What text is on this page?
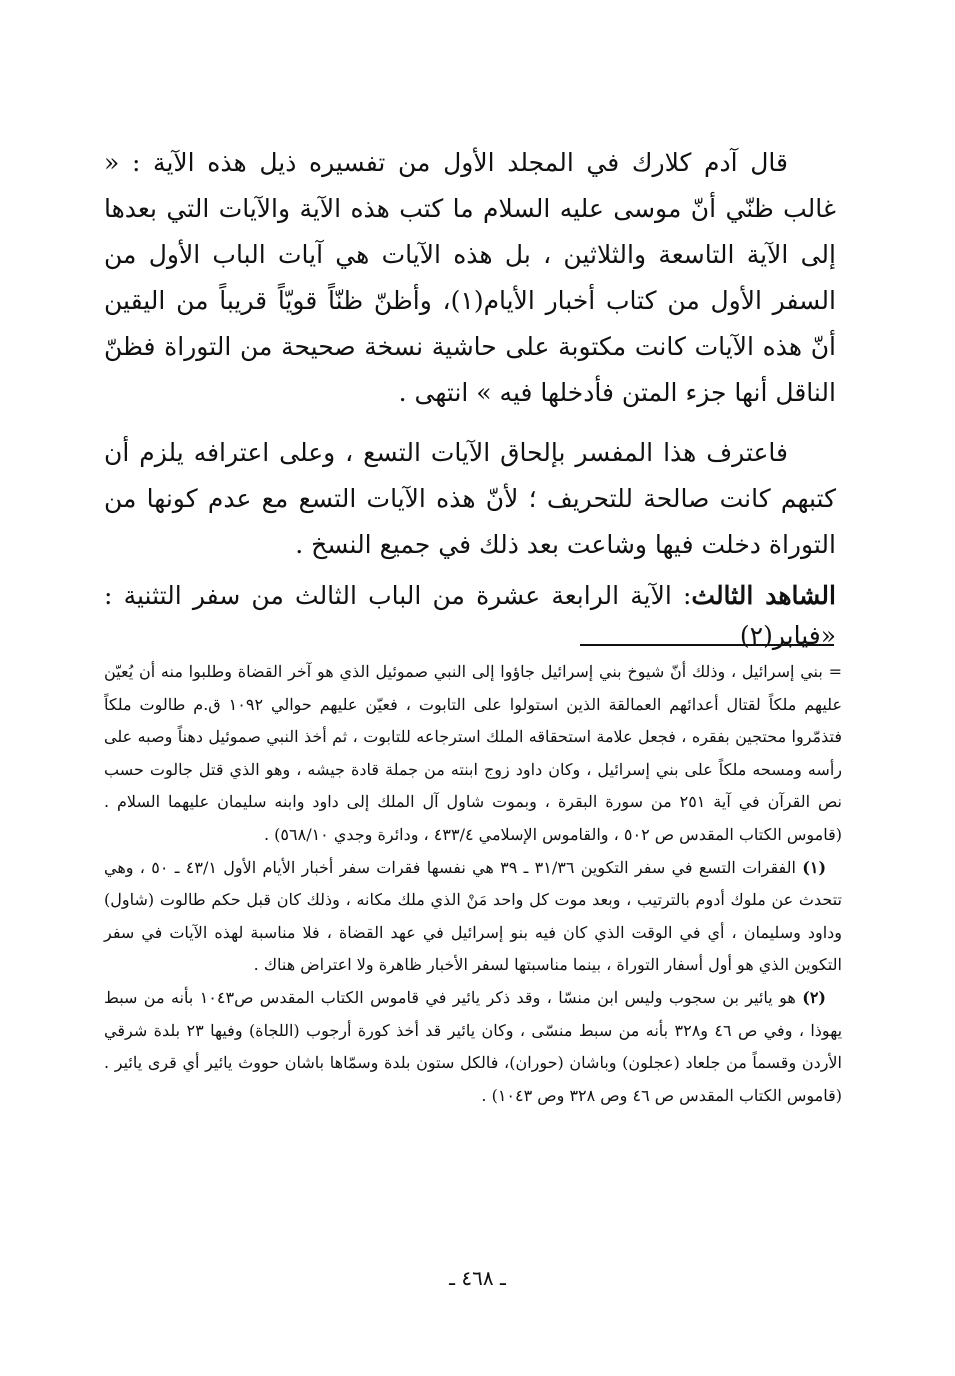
قال آدم كلارك في المجلد الأول من تفسيره ذيل هذه الآية : « غالب ظنّي أنّ موسى عليه السلام ما كتب هذه الآية والآيات التي بعدها إلى الآية التاسعة والثلاثين ، بل هذه الآيات هي آيات الباب الأول من السفر الأول من كتاب أخبار الأيام(١)، وأظنّ ظنّاً قويّاً قريباً من اليقين أنّ هذه الآيات كانت مكتوبة على حاشية نسخة صحيحة من التوراة فظنّ الناقل أنها جزء المتن فأدخلها فيه » انتهى .

فاعترف هذا المفسر بإلحاق الآيات التسع ، وعلى اعترافه يلزم أن كتبهم كانت صالحة للتحريف ؛ لأنّ هذه الآيات التسع مع عدم كونها من التوراة دخلت فيها وشاعت بعد ذلك في جميع النسخ .

الشاهد الثالث: الآية الرابعة عشرة من الباب الثالث من سفر التثنية : «فيابر(٢)

= بني إسرائيل ، وذلك أنّ شيوخ بني إسرائيل جاؤوا إلى النبي صموئيل الذي هو آخر القضاة وطلبوا منه أن يُعيّن عليهم ملكاً لقتال أعدائهم العمالقة الذين استولوا على التابوت ، فعيّن عليهم حوالي ١٠٩٢ ق.م طالوت ملكاً فتذمّروا محتجين بفقره ، فجعل علامة استحقاقه الملك استرجاعه للتابوت ، ثم أخذ النبي صموئيل دهناً وصبه على رأسه ومسحه ملكاً على بني إسرائيل ، وكان داود زوج ابنته من جملة قادة جيشه ، وهو الذي قتل جالوت حسب نص القرآن في آية ٢٥١ من سورة البقرة ، وبموت شاول آل الملك إلى داود وابنه سليمان عليهما السلام . (قاموس الكتاب المقدس ص ٥٠٢ ، والقاموس الإسلامي ٤٣٣/٤ ، ودائرة وجدي ٥٦٨/١٠) .

(١) الفقرات التسع في سفر التكوين ٣١/٣٦ ـ ٣٩ هي نفسها فقرات سفر أخبار الأيام الأول ٤٣/١ ـ ٥٠ ، وهي تتحدث عن ملوك أدوم بالترتيب ، وبعد موت كل واحد مَنْ الذي ملك مكانه ، وذلك كان قبل حكم طالوت (شاول) وداود وسليمان ، أي في الوقت الذي كان فيه بنو إسرائيل في عهد القضاة ، فلا مناسبة لهذه الآيات في سفر التكوين الذي هو أول أسفار التوراة ، بينما مناسبتها لسفر الأخبار ظاهرة ولا اعتراض هناك .

(٢) هو يائير بن سجوب وليس ابن منسّا ، وقد ذكر يائير في قاموس الكتاب المقدس ص١٠٤٣ بأنه من سبط يهوذا ، وفي ص ٤٦ و٣٢٨ بأنه من سبط منسّى ، وكان يائير قد أخذ كورة أرجوب (اللجاة) وفيها ٢٣ بلدة شرقي الأردن وقسماً من جلعاد (عجلون) وباشان (حوران)، فالكل ستون بلدة وسمّاها باشان حووث يائير أي قرى يائير . (قاموس الكتاب المقدس ص ٤٦ وص ٣٢٨ وص ١٠٤٣) .

ـ ٤٦٨ ـ
